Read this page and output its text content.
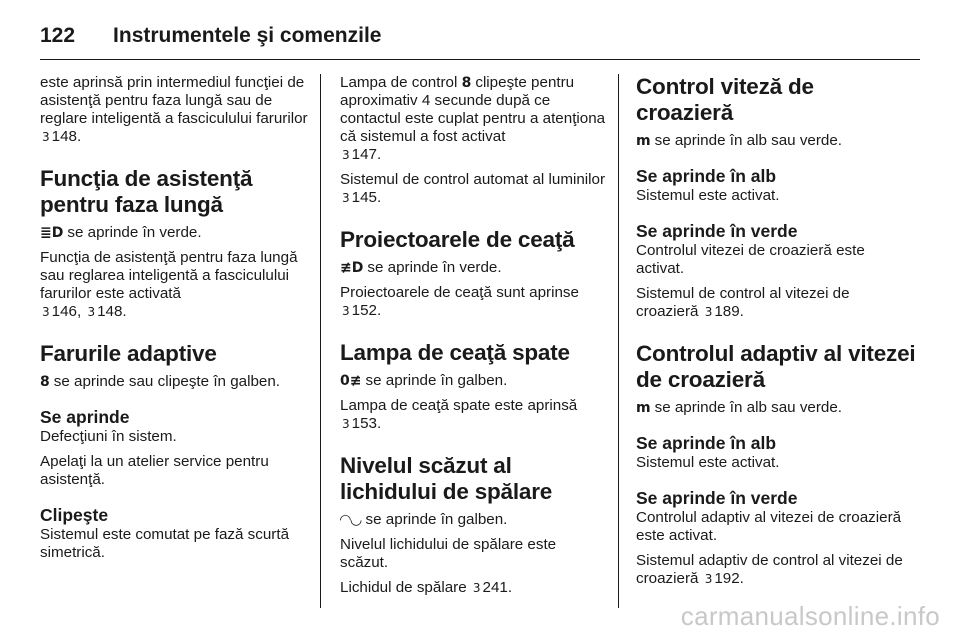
122 Instrumentele şi comenzile

este aprinsă prin intermediul funcţiei de asistenţă pentru faza lungă sau de reglare inteligentă a fasciculului farurilor 3 148.

Funcţia de asistenţă pentru faza lungă

≣D se aprinde în verde.

Funcţia de asistenţă pentru faza lungă sau reglarea inteligentă a fasciculului farurilor este activată
3 146, 3 148.

Farurile adaptive

8 se aprinde sau clipeşte în galben.

Se aprinde

Defecţiuni în sistem.

Apelaţi la un atelier service pentru asistenţă.

Clipeşte

Sistemul este comutat pe fază scurtă simetrică.

Lampa de control 8 clipeşte pentru aproximativ 4 secunde după ce contactul este cuplat pentru a atenţiona că sistemul a fost activat
3 147.

Sistemul de control automat al luminilor 3 145.

Proiectoarele de ceaţă

≢D se aprinde în verde.

Proiectoarele de ceaţă sunt aprinse
3 152.

Lampa de ceaţă spate

0≢ se aprinde în galben.

Lampa de ceaţă spate este aprinsă
3 153.

Nivelul scăzut al lichidului de spălare

◠◡ se aprinde în galben.

Nivelul lichidului de spălare este scăzut.

Lichidul de spălare 3 241.

Control viteză de croazieră

m se aprinde în alb sau verde.

Se aprinde în alb

Sistemul este activat.

Se aprinde în verde

Controlul vitezei de croazieră este activat.

Sistemul de control al vitezei de croazieră 3 189.

Controlul adaptiv al vitezei de croazieră

m se aprinde în alb sau verde.

Se aprinde în alb

Sistemul este activat.

Se aprinde în verde

Controlul adaptiv al vitezei de croazieră este activat.

Sistemul adaptiv de control al vitezei de croazieră 3 192.

carmanualsonline.info
